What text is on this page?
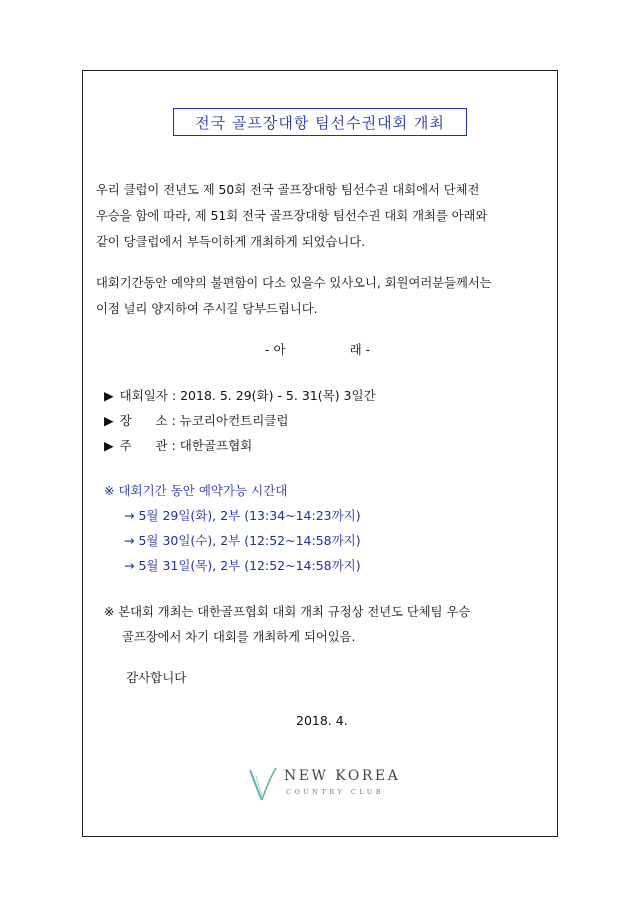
전국 골프장대항 팀선수권대회 개최
우리 클럽이 전년도 제 50회 전국 골프장대항 팀선수권 대회에서 단체전
우승을 함에 따라, 제 51회 전국 골프장대항 팀선수권 대회 개최를 아래와
같이 당클럽에서 부득이하게 개최하게 되었습니다.
대회기간동안 예약의 불편함이 다소 있을수 있사오니, 회원여러분들께서는
이점 널리 양지하여 주시길 당부드립니다.
- 아	래 -
▶ 대회일자 : 2018. 5. 29(화) - 5. 31(목) 3일간
▶ 장      소 : 뉴코리아컨트리클럽
▶ 주      관 : 대한골프협회
※ 대회기간 동안 예약가능 시간대
→ 5월 29일(화), 2부 (13:34~14:23까지)
→ 5월 30일(수), 2부 (12:52~14:58까지)
→ 5월 31일(목), 2부 (12:52~14:58까지)
※ 본대회 개최는 대한골프협회 대회 개최 규정상 전년도 단체팀 우승
골프장에서 차기 대회를 개최하게 되어있음.
감사합니다
2018. 4.
NEW KOREA
COUNTRY CLUB
